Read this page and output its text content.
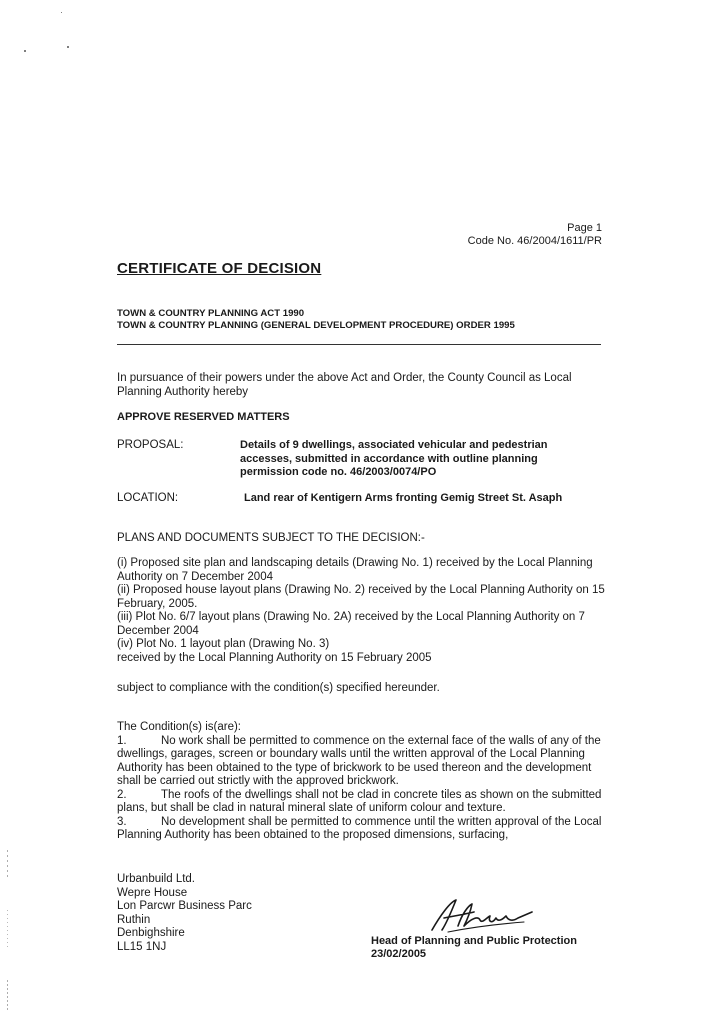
Page 1
Code No. 46/2004/1611/PR
CERTIFICATE OF DECISION
TOWN & COUNTRY PLANNING ACT 1990
TOWN & COUNTRY PLANNING (GENERAL DEVELOPMENT PROCEDURE) ORDER 1995
In pursuance of their powers under the above Act and Order, the County Council as Local Planning Authority hereby
APPROVE RESERVED MATTERS
PROPOSAL:	Details of 9 dwellings, associated vehicular and pedestrian accesses, submitted in accordance with outline planning permission code no. 46/2003/0074/PO
LOCATION:	Land rear of Kentigern Arms fronting Gemig Street St. Asaph
PLANS AND DOCUMENTS SUBJECT TO THE DECISION:-
(i) Proposed site plan and landscaping details (Drawing No. 1) received by the Local Planning Authority on 7 December 2004
(ii) Proposed house layout plans (Drawing No. 2) received by the Local Planning Authority on 15 February, 2005.
(iii) Plot No. 6/7 layout plans (Drawing No. 2A) received by the Local Planning Authority on 7 December 2004
(iv) Plot No. 1 layout plan (Drawing No. 3)
received by the Local Planning Authority on 15 February 2005
subject to compliance with the condition(s) specified hereunder.
The Condition(s) is(are):
1.	No work shall be permitted to commence on the external face of the walls of any of the dwellings, garages, screen or boundary walls until the written approval of the Local Planning Authority has been obtained to the type of brickwork to be used thereon and the development shall be carried out strictly with the approved brickwork.
2.	The roofs of the dwellings shall not be clad in concrete tiles as shown on the submitted plans, but shall be clad in natural mineral slate of uniform colour and texture.
3.	No development shall be permitted to commence until the written approval of the Local Planning Authority has been obtained to the proposed dimensions, surfacing,
Urbanbuild Ltd.
Wepre House
Lon Parcwr Business Parc
Ruthin
Denbighshire
LL15 1NJ	Head of Planning and Public Protection
23/02/2005
